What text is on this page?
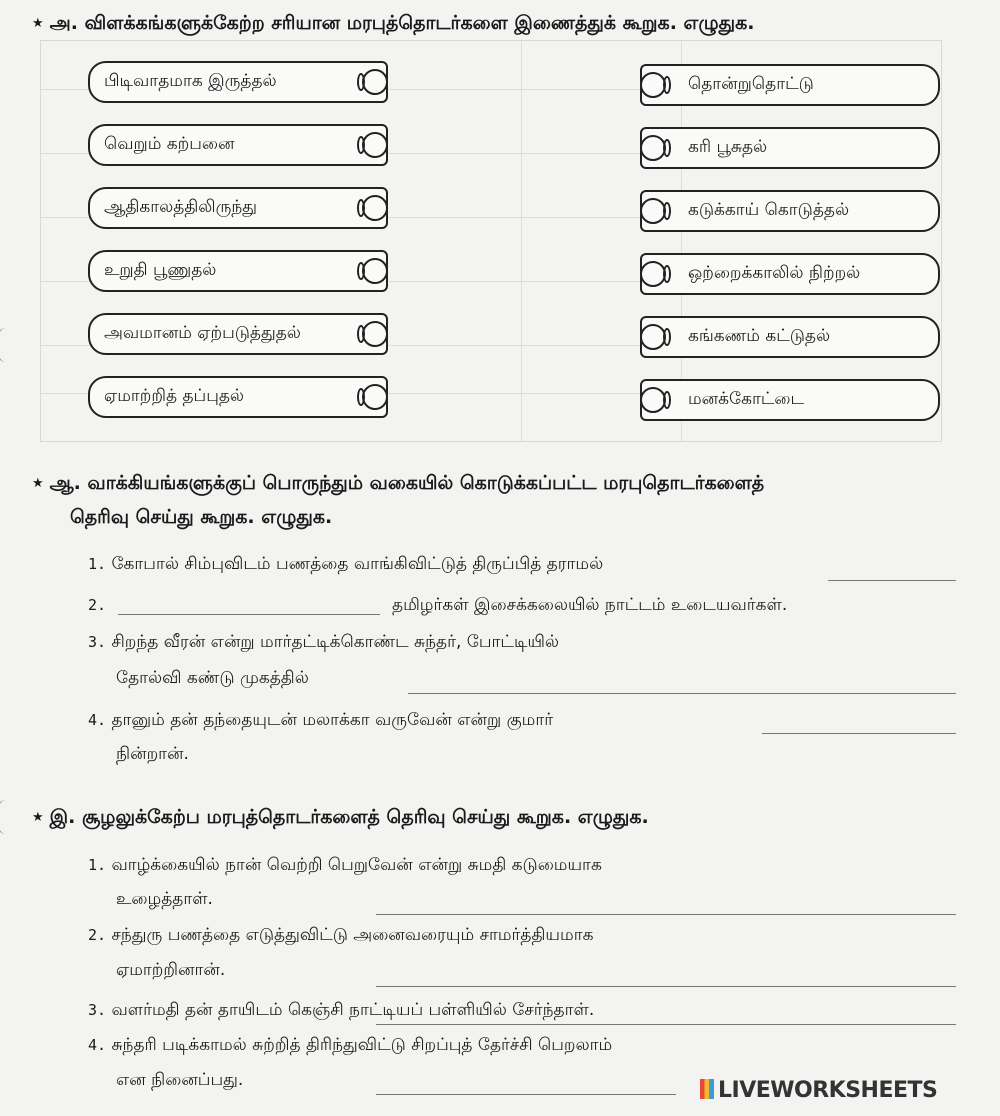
★ அ. விளக்கங்களுக்கேற்ற சரியான மரபுத்தொடர்களை இணைத்துக் கூறுக. எழுதுக.
பிடிவாதமாக இருத்தல்
வெறும் கற்பனை
ஆதிகாலத்திலிருந்து
உறுதி பூணுதல்
அவமானம் ஏற்படுத்துதல்
ஏமாற்றித் தப்புதல்
தொன்றுதொட்டு
கரி பூசுதல்
கடுக்காய் கொடுத்தல்
ஒற்றைக்காலில் நிற்றல்
கங்கணம் கட்டுதல்
மனக்கோட்டை
★ ஆ. வாக்கியங்களுக்குப் பொருந்தும் வகையில் கொடுக்கப்பட்ட மரபுதொடர்களைத்
தெரிவு செய்து கூறுக. எழுதுக.
1. கோபால் சிம்புவிடம் பணத்தை வாங்கிவிட்டுத் திருப்பித் தராமல்
2.	தமிழர்கள் இசைக்கலையில் நாட்டம் உடையவர்கள்.
3. சிறந்த வீரன் என்று மார்தட்டிக்கொண்ட சுந்தர், போட்டியில்
தோல்வி கண்டு முகத்தில்
4. தானும் தன் தந்தையுடன் மலாக்கா வருவேன் என்று குமார்
நின்றான்.
★ இ. சூழலுக்கேற்ப மரபுத்தொடர்களைத் தெரிவு செய்து கூறுக. எழுதுக.
1. வாழ்க்கையில் நான் வெற்றி பெறுவேன் என்று சுமதி கடுமையாக
உழைத்தாள்.
2. சந்துரு பணத்தை எடுத்துவிட்டு அனைவரையும் சாமர்த்தியமாக
ஏமாற்றினான்.
3. வளர்மதி தன் தாயிடம் கெஞ்சி நாட்டியப் பள்ளியில் சேர்ந்தாள்.
4. சுந்தரி படிக்காமல் சுற்றித் திரிந்துவிட்டு சிறப்புத் தேர்ச்சி பெறலாம்
என நினைப்பது.	LIVEWORKSHEETS
